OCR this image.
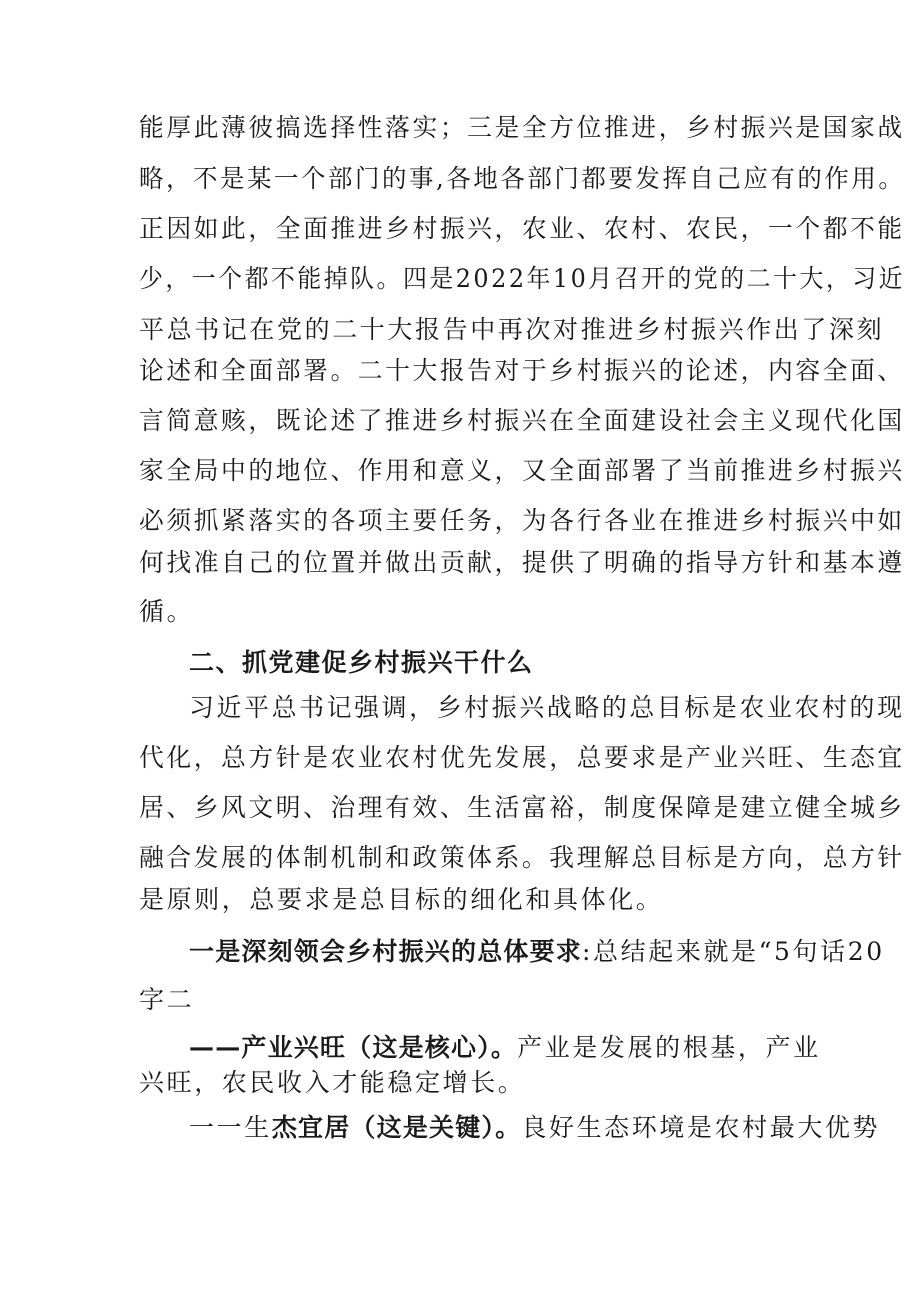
能厚此薄彼搞选择性落实；三是全方位推进，乡村振兴是国家战
略，不是某一个部门的事,各地各部门都要发挥自己应有的作用。
正因如此，全面推进乡村振兴，农业、农村、农民，一个都不能
少，一个都不能掉队。四是2022年10月召开的党的二十大，习近
平总书记在党的二十大报告中再次对推进乡村振兴作出了深刻
论述和全面部署。二十大报告对于乡村振兴的论述，内容全面、
言简意赅，既论述了推进乡村振兴在全面建设社会主义现代化国
家全局中的地位、作用和意义，又全面部署了当前推进乡村振兴
必须抓紧落实的各项主要任务，为各行各业在推进乡村振兴中如
何找准自己的位置并做出贡献，提供了明确的指导方针和基本遵
循。
二、抓党建促乡村振兴干什么
习近平总书记强调，乡村振兴战略的总目标是农业农村的现
代化，总方针是农业农村优先发展，总要求是产业兴旺、生态宜
居、乡风文明、治理有效、生活富裕，制度保障是建立健全城乡
融合发展的体制机制和政策体系。我理解总目标是方向，总方针
是原则，总要求是总目标的细化和具体化。
一是深刻领会乡村振兴的总体要求:总结起来就是“5句话20
字二
——产业兴旺（这是核心）。产业是发展的根基，产业
兴旺，农民收入才能稳定增长。
一一生杰宜居（这是关键）。良好生态环境是农村最大优势
